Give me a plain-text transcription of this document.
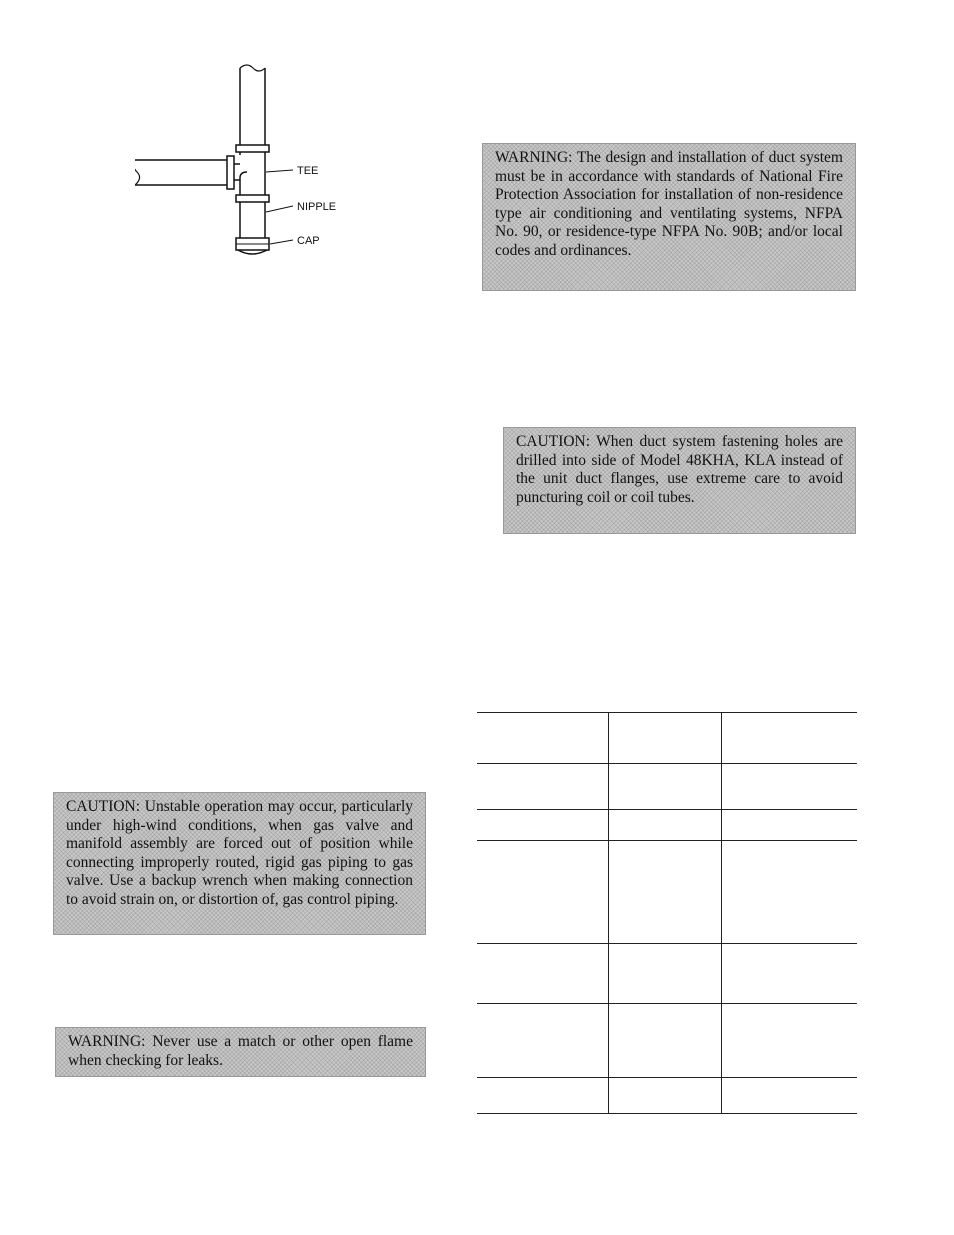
TEE
NIPPLE
CAP
WARNING: The design and installation of duct system must be in accordance with standards of National Fire Protection Association for installation of non-residence type air conditioning and ventilating systems, NFPA No. 90, or residence-type NFPA No. 90B; and/or local codes and ordinances.
CAUTION: When duct system fastening holes are drilled into side of Model 48KHA, KLA instead of the unit duct flanges, use extreme care to avoid puncturing coil or coil tubes.
CAUTION: Unstable operation may occur, particularly under high-wind conditions, when gas valve and manifold assembly are forced out of position while connecting improperly routed, rigid gas piping to gas valve. Use a backup wrench when making connection to avoid strain on, or distortion of, gas control piping.
WARNING: Never use a match or other open flame when checking for leaks.
